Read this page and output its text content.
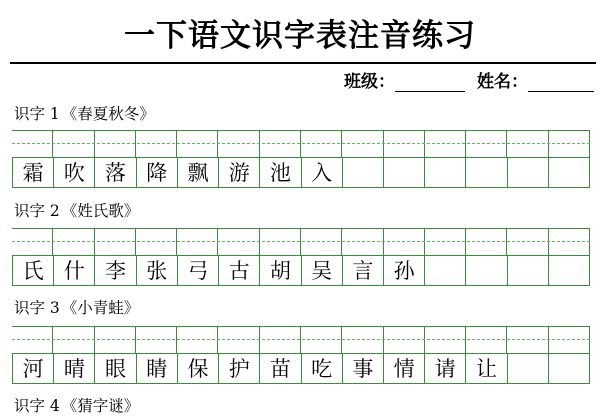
一下语文识字表注音练习
班级：	姓名：
识字 1 《春夏秋冬》
霜 吹 落 降 飘 游 池 入
识字 2 《姓氏歌》
氏 什 李 张 弓 古 胡 吴 言 孙
识字 3 《小青蛙》
河 晴 眼 睛 保 护 苗 吃 事 情 请 让
识字 4 《猜字谜》
